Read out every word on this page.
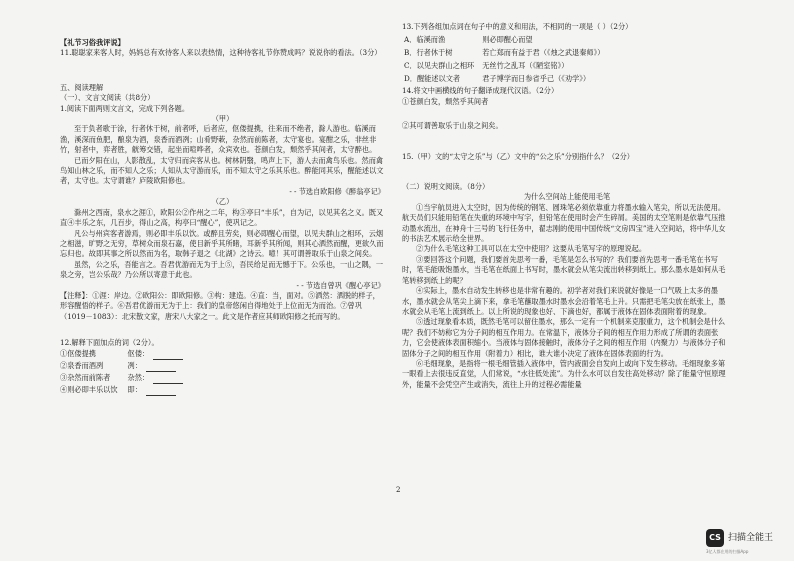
【礼节习俗我评说】

11.聪聪家来客人时，妈妈总有欢待客人来以表热情，这种待客礼节你赞成吗？说说你的看法。（3分）

五、阅读理解

（一）、文言文阅读（共8分）

1.阅读下面两则文言文，完成下列各题。

（甲）

至于负者歌于涂，行者休于树，前者呼，后者应，伛偻提携，往来而不绝者，滁人游也。临溪而渔，溪深而鱼肥，酿泉为酒，泉香而酒冽；山肴野蔌，杂然而前陈者，太守宴也。宴酣之乐，非丝非竹，射者中，弈者胜，觥筹交错，起坐而喧哗者，众宾欢也。苍颜白发，颓然乎其间者，太守醉也。

已而夕阳在山，人影散乱，太守归而宾客从也。树林阴翳，鸣声上下，游人去而禽鸟乐也。然而禽鸟知山林之乐，而不知人之乐；人知从太守游而乐，而不知太守之乐其乐也。醉能同其乐，醒能述以文者，太守也。太守谓谁？庐陵欧阳修也。

- - 节选自欧阳修《醉翁亭记》

（乙）

滁州之西南，泉水之涯①，欧阳公②作州之二年，构③亭曰“丰乐”，自为记，以见其名之义。既又直④丰乐之东，几百步，得山之高，构亭曰“醒心”，使巩记之。

凡公与州宾客者游焉，则必即丰乐以饮。或醉且劳矣，则必即醒心而望，以见夫群山之相环，云烟之相滋，旷野之无穷，草树众而泉石嘉，使目新乎其所睹，耳新乎其所闻，则其心洒然而醒，更欲久而忘归也。故即其事之所以然而为名，取韩子退之《北湖》之诗云。噫！其可谓善取乐于山泉之间矣。

虽然，公之乐，吾能言之。吾君优游而无为于上⑤，吾民给足而无憾于下。公乐也，一山之隅，一泉之旁，岂公乐哉？乃公所以寄意于此也。

- - 节选自曾巩《醒心亭记》

【注释】：①涯：岸边。②欧阳公：即欧阳修。③构：建造。④直：当，面对。⑤洒然：洒脱的样子，形容醒悟的样子。⑥吾君优游而无为于上：我们的皇帝悠闲自得地处于上位而无为而治。⑦曾巩（1019－1083）：北宋散文家，唐宋八大家之一。此文是作者应其师欧阳修之托而写的。

12.解释下面加点的词（2分）。

①伛偻提携	伛偻：
②泉香而酒冽	冽：
③杂然而前陈者	杂然：
④则必即丰乐以饮	即：

13.下列各组加点词在句子中的意义和用法，不相同的一项是（ ）（2分）

A．临溪而渔	则必即醒心而望
B．行者休于树	若亡郑而有益于君（《烛之武退秦师》）
C．以见夫群山之相环	无丝竹之乱耳（《陋室铭》）
D．醒能述以文者	君子博学而日参省乎己（《劝学》）

14.将文中画横线的句子翻译成现代汉语。（2分）

①苍颜白发，颓然乎其间者

②其可谓善取乐于山泉之间矣。

15.（甲）文的“太守之乐”与（乙）文中的“公之乐”分别指什么？（2分）

（二）说明文阅读。（8分）

为什么空间站上能使用毛笔

①当宇航员进入太空时，因为传统的钢笔、圆珠笔必须依靠重力将墨水输入笔尖，所以无法使用。航天员们只能用铅笔在失重的环境中写字，但铅笔在使用时会产生碎屑。美国的太空笔则是依靠气压推动墨水流出，在神舟十三号的飞行任务中，翟志刚的使用中国传统“文房四宝”进入空间站，将中华儿女的书法艺术展示给全世界。

②为什么毛笔这种工具可以在太空中使用？这要从毛笔写字的原理说起。

③要回答这个问题，我们要首先思考一番，毛笔是怎么书写的？我们要首先思考一番毛笔在书写时，笔毛能吸饱墨水，当毛笔在纸面上书写时，墨水就会从笔尖流出转移到纸上。那么墨水是如何从毛笔转移到纸上的呢？

④实际上，墨水自动发生转移也是非常有趣的。初学者对我们来说就好像是一口气吸上太多的墨水，墨水就会从笔尖上滴下来，拿毛笔蘸取墨水时墨水会沿着笔毛上升。只需把毛笔尖放在纸张上，墨水就会从毛笔上流到纸上。以上所说的现象也好、下滴也好，都属于液体在固体表面附着的现象。

⑤透过现象看本质，既然毛笔可以留住墨水，那么一定有一个机制来克服重力，这个机制会是什么呢？我们不妨称它为分子间的相互作用力。在常温下，液体分子间的相互作用力形成了所谓的表面张力，它会使液体表面积缩小。当液体与固体接触时，液体分子之间的相互作用（内聚力）与液体分子和固体分子之间的相互作用（附着力）相比，谁大谁小决定了液体在固体表面的行为。

⑥毛细现象，是指将一根毛细管插入液体中，管内液面会自发向上或向下发生移动。毛细现象多第一眼看上去很违反直觉，人们常说，“水往低处流”。为什么水可以自发往高处移动？除了能量守恒原理外，能量不会凭空产生或消失，流往上升的过程必需能量

2
CS 扫描全能王
3亿人都在用的扫描App
